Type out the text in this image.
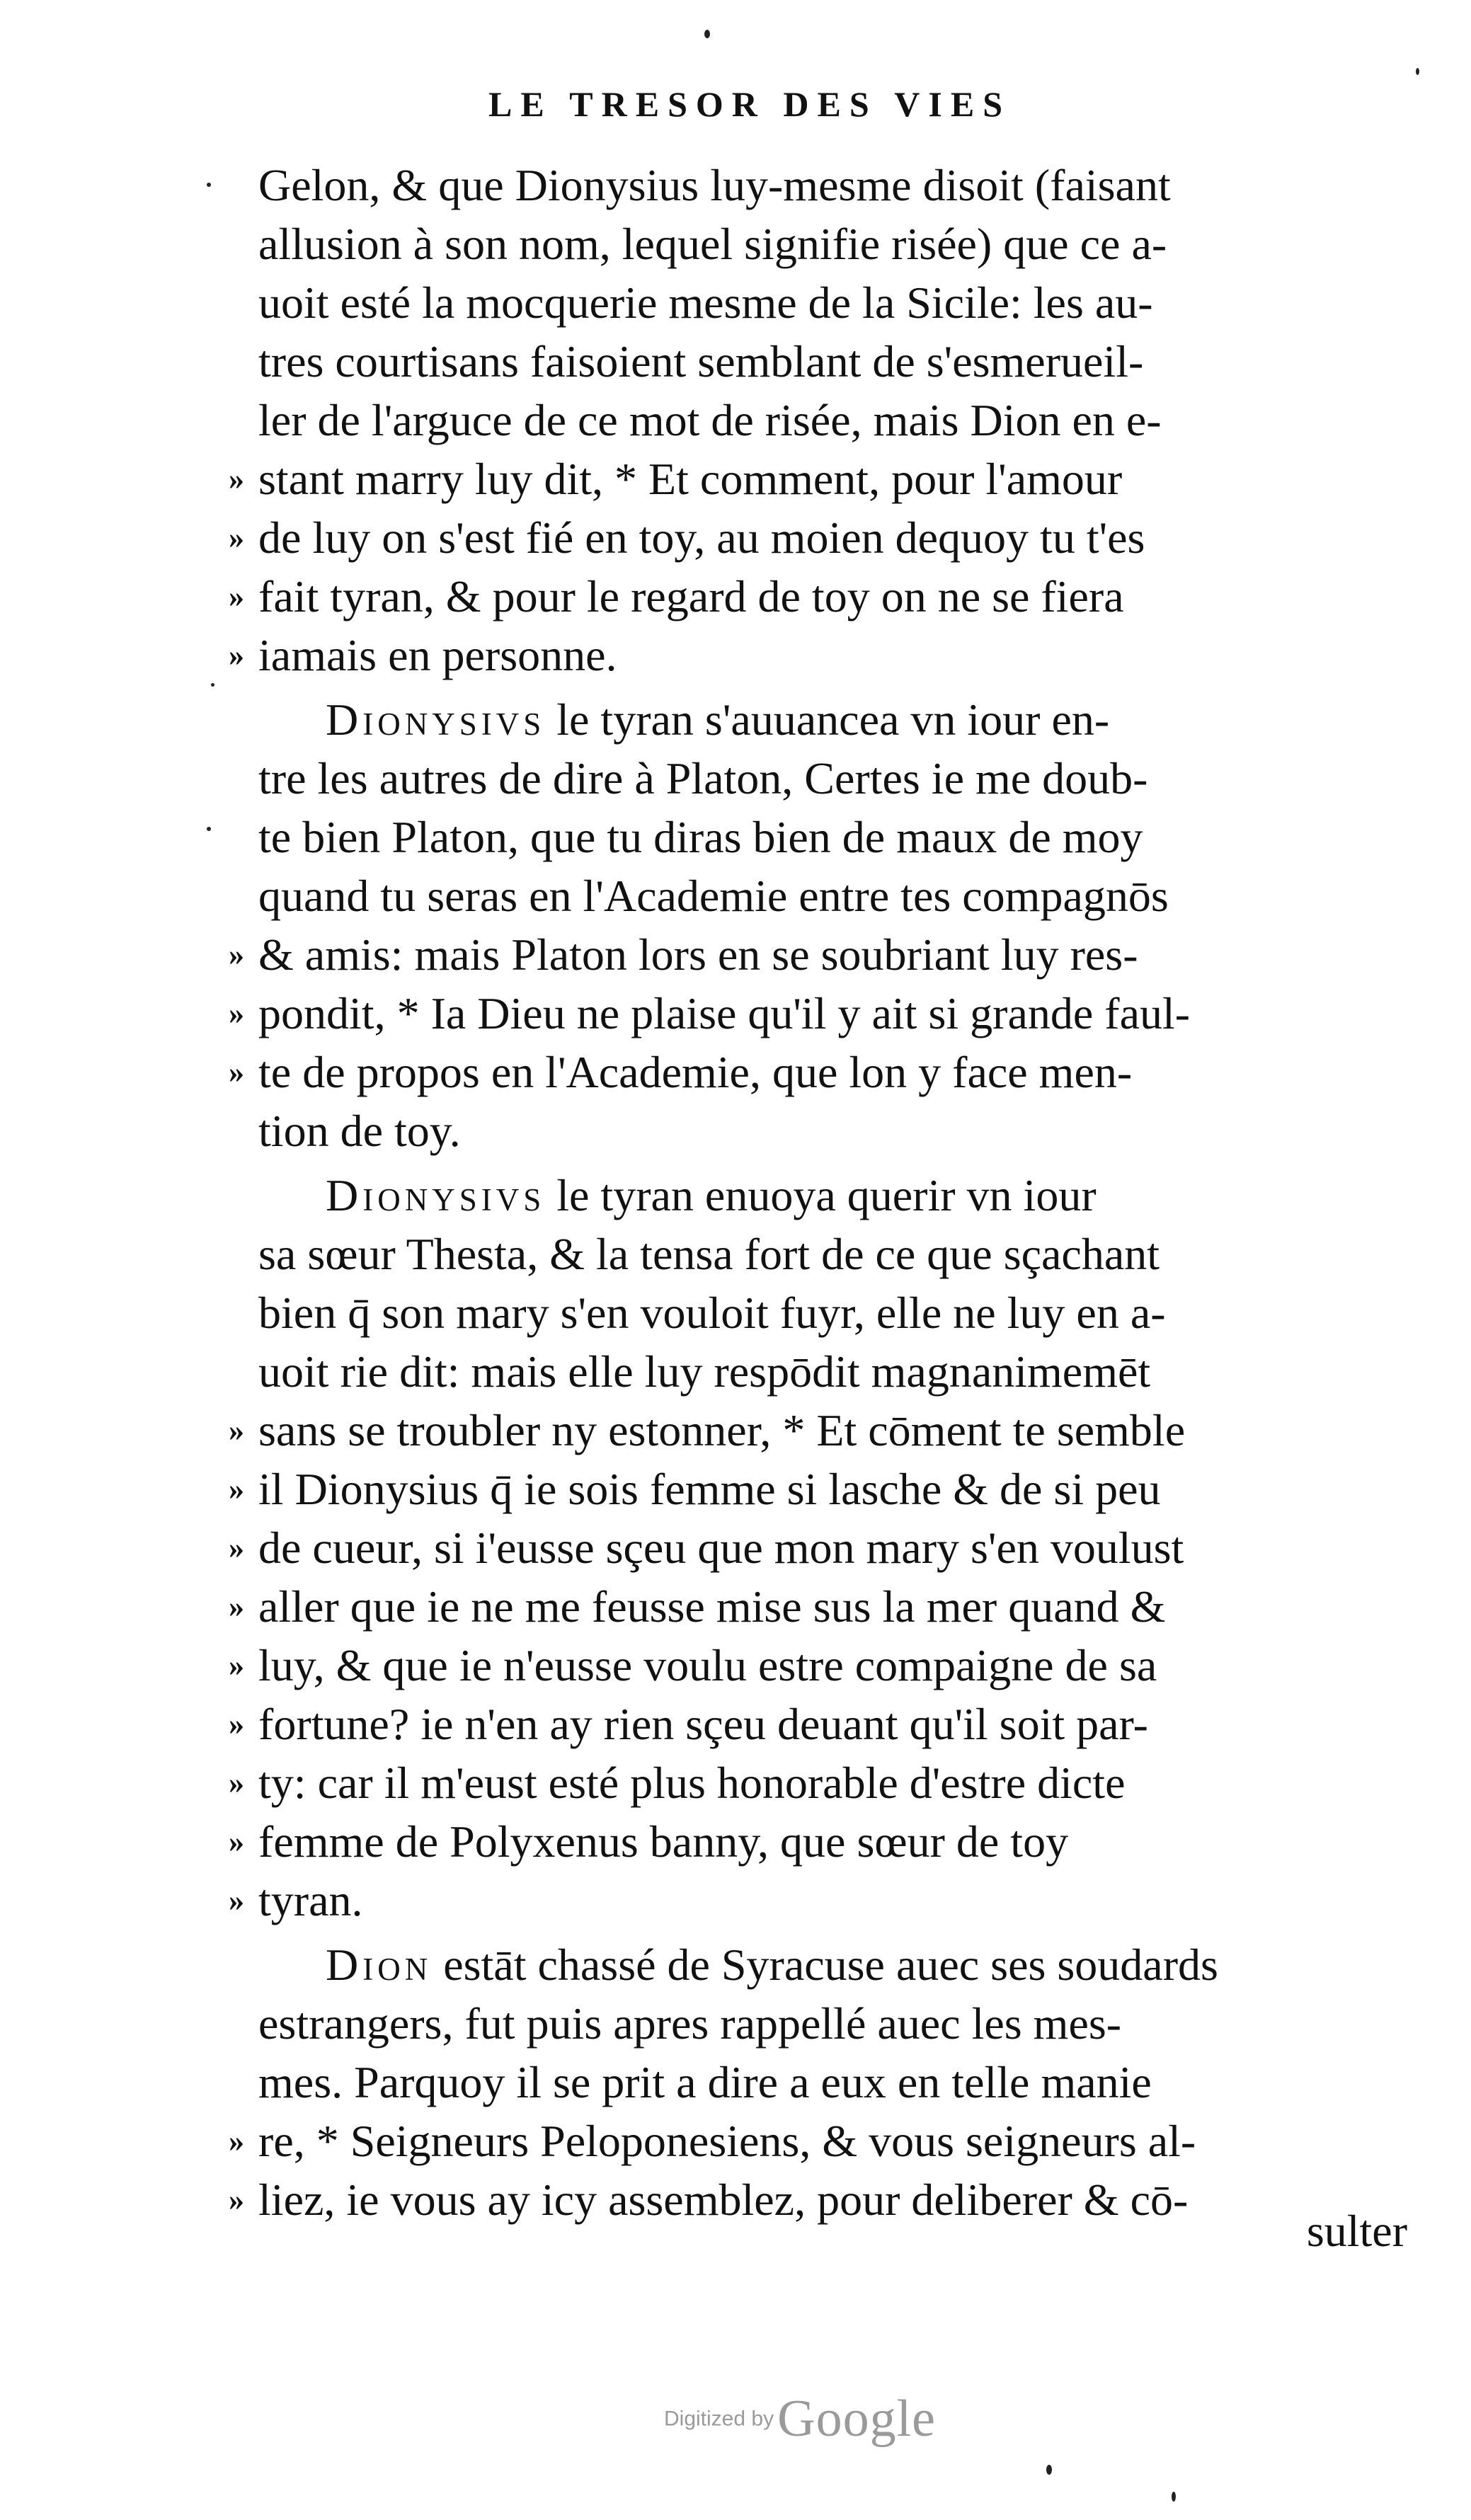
LE TRESOR DES VIES
Gelon, & que Dionysius luy-mesme disoit (faisant
allusion à son nom, lequel signifie risée) que ce a-
uoit esté la mocquerie mesme de la Sicile: les au-
tres courtisans faisoient semblant de s'esmerueil-
ler de l'arguce de ce mot de risée, mais Dion en e-
» stant marry luy dit, * Et comment, pour l'amour
» de luy on s'est fié en toy, au moien dequoy tu t'es
» fait tyran, & pour le regard de toy on ne se fiera
» iamais en personne.
Dionysivs le tyran s'auuancea vn iour en-
tre les autres de dire à Platon, Certes ie me doub-
te bien Platon, que tu diras bien de maux de moy
quand tu seras en l'Academie entre tes compagnōs
» & amis: mais Platon lors en se soubriant luy res-
» pondit, * Ia Dieu ne plaise qu'il y ait si grande faul-
» te de propos en l'Academie, que lon y face men-
tion de toy.
Dionysivs le tyran enuoya querir vn iour
sa sœur Thesta, & la tensa fort de ce que sçachant
bien q̄ son mary s'en vouloit fuyr, elle ne luy en a-
uoit rie dit: mais elle luy respōdit magnanimemēt
» sans se troubler ny estonner, * Et cōment te semble
» il Dionysius q̄ ie sois femme si lasche & de si peu
» de cueur, si i'eusse sçeu que mon mary s'en voulust
» aller que ie ne me feusse mise sus la mer quand &
» luy, & que ie n'eusse voulu estre compaigne de sa
» fortune? ie n'en ay rien sçeu deuant qu'il soit par-
» ty: car il m'eust esté plus honorable d'estre dicte
» femme de Polyxenus banny, que sœur de toy
» tyran.
Dion estāt chassé de Syracuse auec ses soudards
estrangers, fut puis apres rappellé auec les mes-
mes. Parquoy il se prit a dire a eux en telle manie
» re, * Seigneurs Peloponesiens, & vous seigneurs al-
» liez, ie vous ay icy assemblez, pour deliberer & cō-
sulter
Digitized by Google
